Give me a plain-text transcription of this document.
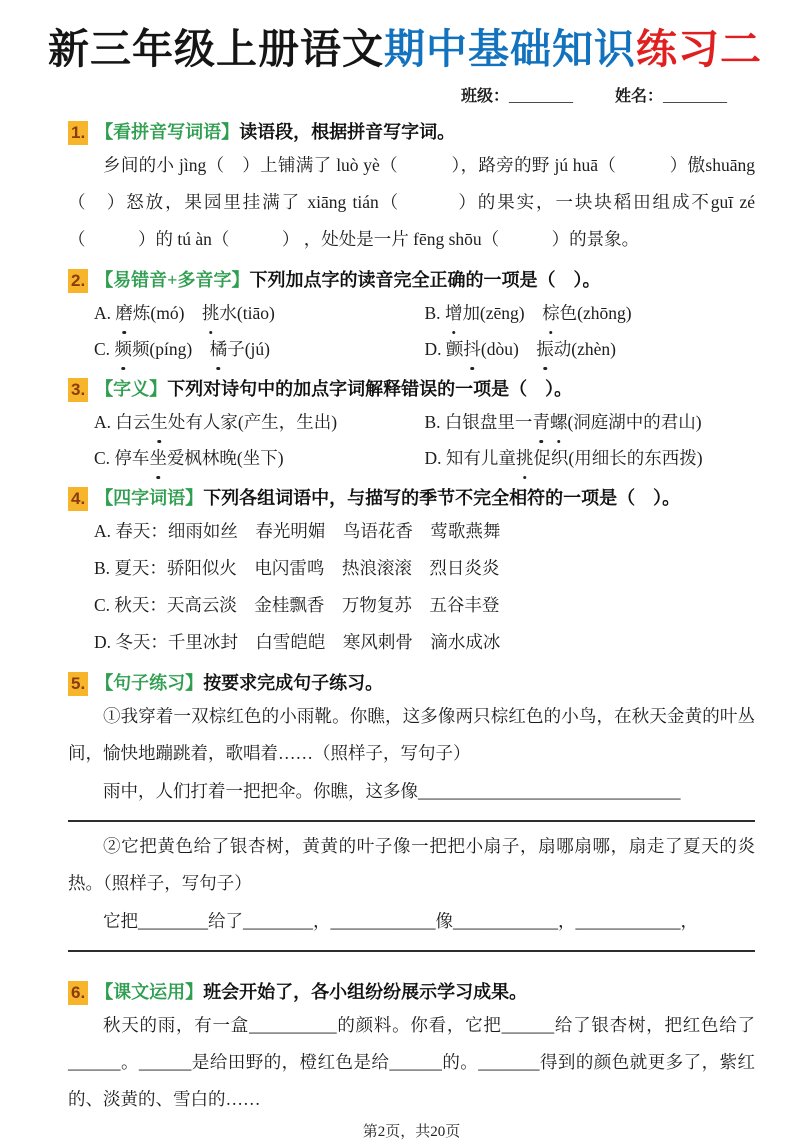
新三年级上册语文期中基础知识练习二
班级：________	姓名：________
1. 【看拼音写词语】读语段，根据拼音写字词。
乡间的小 jìng（　）上铺满了 luò yè（　　　），路旁的野 jú huā（　　　）傲shuāng（　）怒放，果园里挂满了 xiāng tián（　　　）的果实，一块块稻田组成不guī zé（　　　）的 tú àn（　　　） ，处处是一片 fēng shōu（　　　）的景象。
2. 【易错音+多音字】下列加点字的读音完全正确的一项是（　）。
A. 磨炼(mó)　挑水(tiāo)	B. 增加(zēng)　棕色(zhōng)
C. 频频(píng)　橘子(jú)	D. 颤抖(dòu)　振动(zhèn)
3. 【字义】下列对诗句中的加点字词解释错误的一项是（　）。
A. 白云生处有人家(产生，生出)	B. 白银盘里一青螺(洞庭湖中的君山)
C. 停车坐爱枫林晚(坐下)	D. 知有儿童挑促织(用细长的东西拨)
4. 【四字词语】下列各组词语中，与描写的季节不完全相符的一项是（　）。
A. 春天：细雨如丝　春光明媚　鸟语花香　莺歌燕舞
B. 夏天：骄阳似火　电闪雷鸣　热浪滚滚　烈日炎炎
C. 秋天：天高云淡　金桂飘香　万物复苏　五谷丰登
D. 冬天：千里冰封　白雪皑皑　寒风刺骨　滴水成冰
5. 【句子练习】按要求完成句子练习。
①我穿着一双棕红色的小雨靴。你瞧，这多像两只棕红色的小鸟，在秋天金黄的叶丛间，愉快地蹦跳着，歌唱着……（照样子，写句子）
雨中，人们打着一把把伞。你瞧，这多像______________________________
②它把黄色给了银杏树，黄黄的叶子像一把把小扇子，扇哪扇哪，扇走了夏天的炎热。（照样子，写句子）
它把________给了________，____________像____________，____________，
6. 【课文运用】班会开始了，各小组纷纷展示学习成果。
秋天的雨，有一盒__________的颜料。你看，它把______给了银杏树，把红色给了______。______是给田野的，橙红色是给______的。_______得到的颜色就更多了，紫红的、淡黄的、雪白的……
第2页，共20页
